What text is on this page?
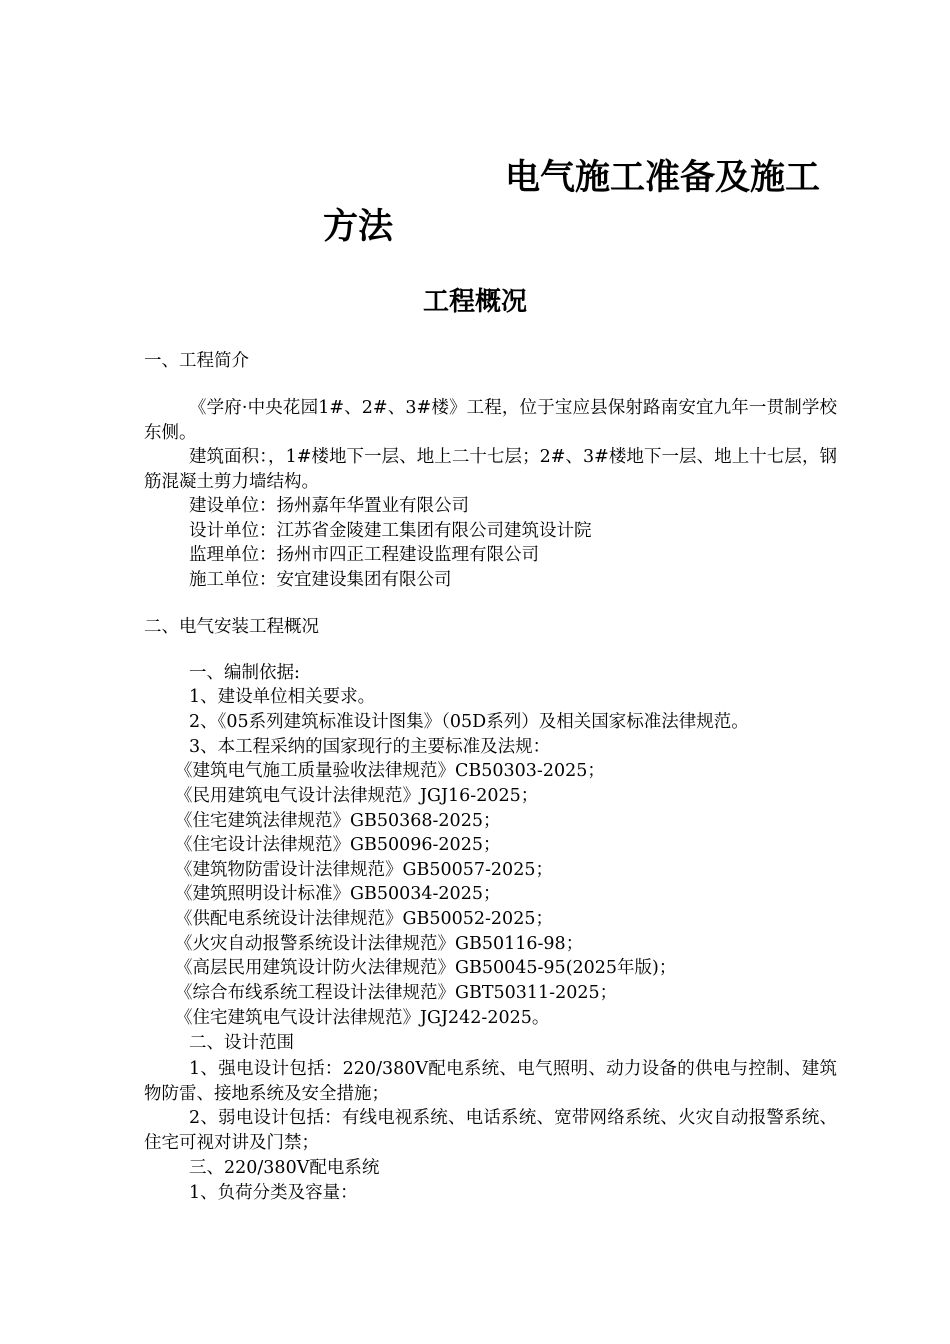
电气施工准备及施工
方法
工程概况
一、工程简介
《学府·中央花园1#、2#、3#楼》工程，位于宝应县保射路南安宜九年一贯制学校东侧。
建筑面积：，1#楼地下一层、地上二十七层；2#、3#楼地下一层、地上十七层，钢筋混凝土剪力墙结构。
建设单位：扬州嘉年华置业有限公司
设计单位：江苏省金陵建工集团有限公司建筑设计院
监理单位：扬州市四正工程建设监理有限公司
施工单位：安宜建设集团有限公司
二、电气安装工程概况
一、编制依据:
1、建设单位相关要求。
2、《05系列建筑标准设计图集》（05D系列）及相关国家标准法律规范。
3、本工程采纳的国家现行的主要标准及法规：
《建筑电气施工质量验收法律规范》CB50303-2025；
《民用建筑电气设计法律规范》JGJ16-2025；
《住宅建筑法律规范》GB50368-2025；
《住宅设计法律规范》GB50096-2025；
《建筑物防雷设计法律规范》GB50057-2025；
《建筑照明设计标准》GB50034-2025；
《供配电系统设计法律规范》GB50052-2025；
《火灾自动报警系统设计法律规范》GB50116-98；
《高层民用建筑设计防火法律规范》GB50045-95(2025年版)；
《综合布线系统工程设计法律规范》GBT50311-2025；
《住宅建筑电气设计法律规范》JGJ242-2025。
二、设计范围
1、强电设计包括：220/380V配电系统、电气照明、动力设备的供电与控制、建筑物防雷、接地系统及安全措施；
2、弱电设计包括：有线电视系统、电话系统、宽带网络系统、火灾自动报警系统、住宅可视对讲及门禁；
三、220/380V配电系统
1、负荷分类及容量：
